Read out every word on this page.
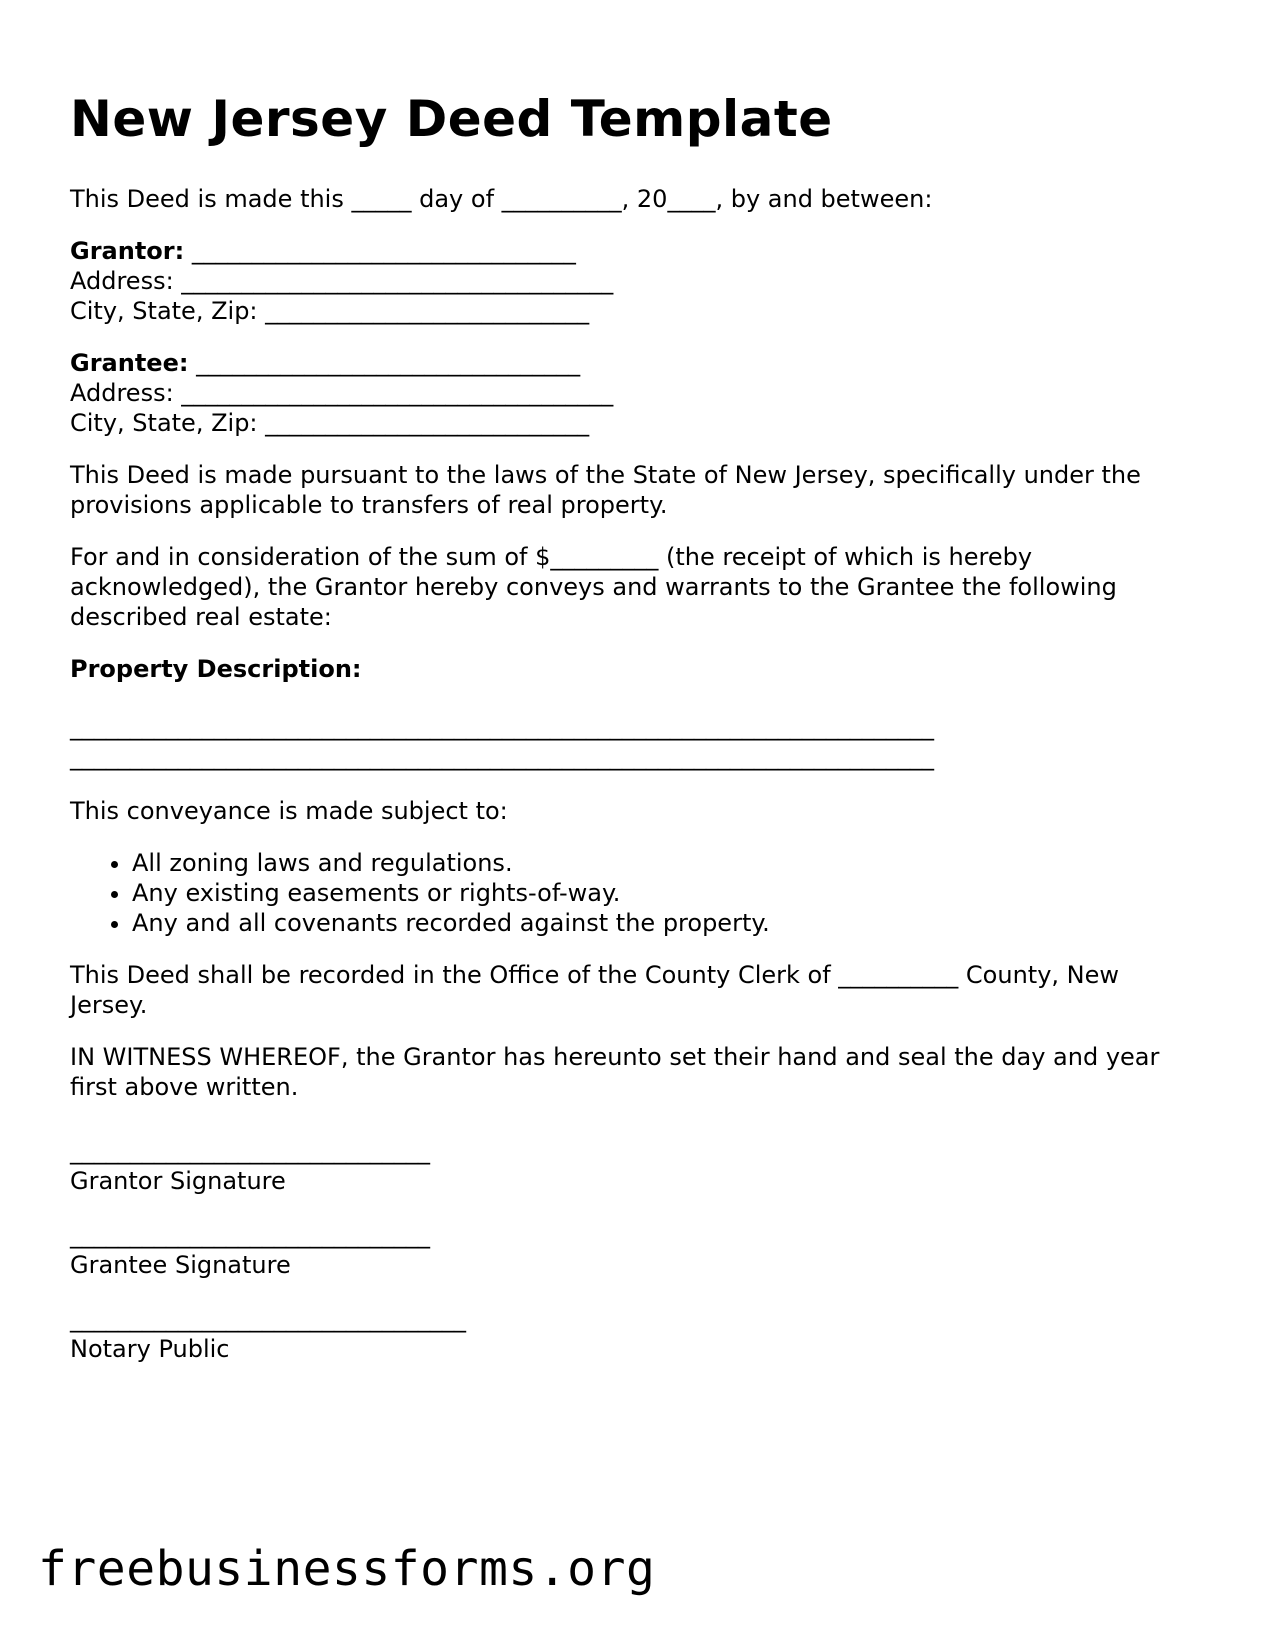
New Jersey Deed Template

This Deed is made this _____ day of __________, 20____, by and between:

Grantor: ________________________________
Address: ____________________________________
City, State, Zip: ___________________________
Grantee: ________________________________
Address: ____________________________________
City, State, Zip: ___________________________

This Deed is made pursuant to the laws of the State of New Jersey, specifically under the provisions applicable to transfers of real property.

For and in consideration of the sum of $_________ (the receipt of which is hereby acknowledged), the Grantor hereby conveys and warrants to the Grantee the following described real estate:

Property Description:

________________________________________________________________________
________________________________________________________________________

This conveyance is made subject to:

• All zoning laws and regulations.
• Any existing easements or rights-of-way.
• Any and all covenants recorded against the property.

This Deed shall be recorded in the Office of the County Clerk of __________ County, New Jersey.

IN WITNESS WHEREOF, the Grantor has hereunto set their hand and seal the day and year first above written.

______________________________
Grantor Signature
______________________________
Grantee Signature
_________________________________
Notary Public
freebusinessforms.org
